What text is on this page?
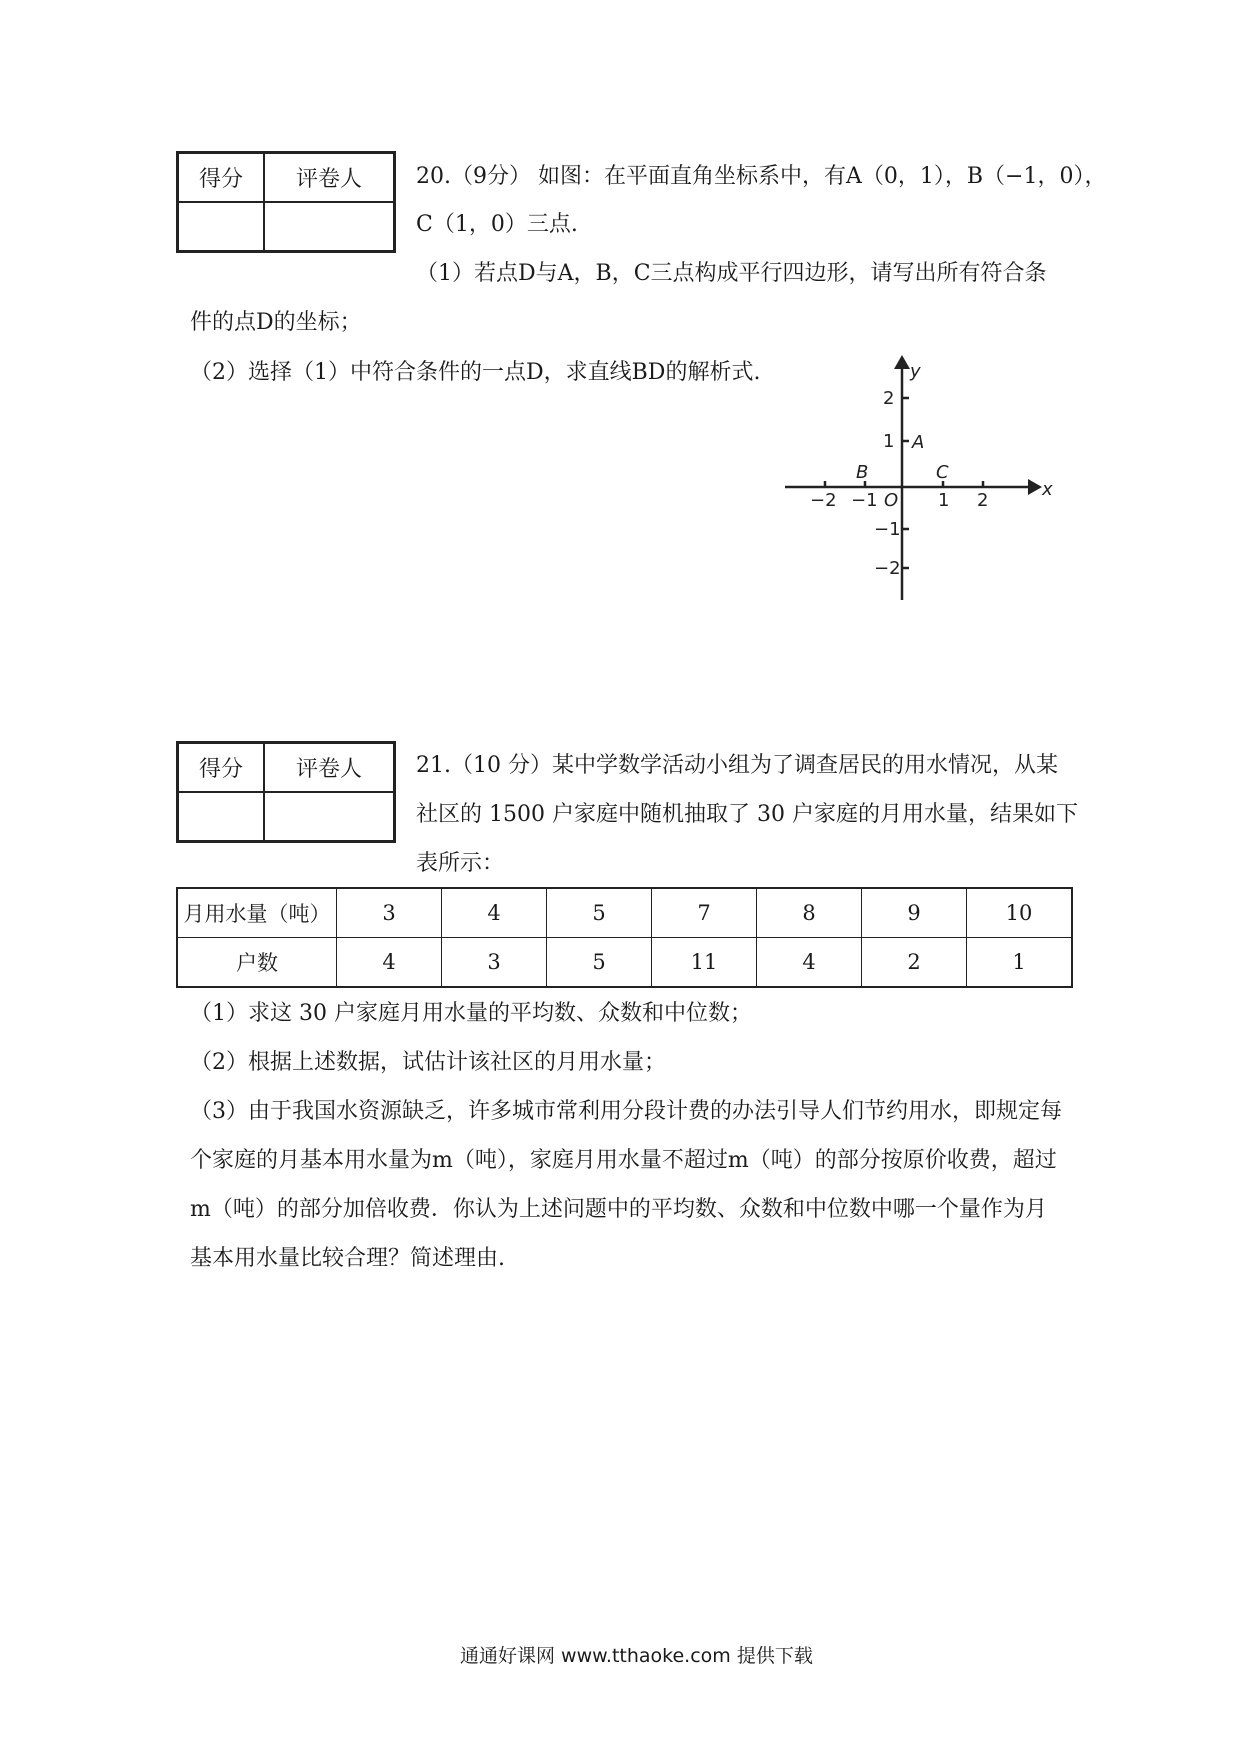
得分	评卷人
	20.（9分） 如图：在平面直角坐标系中，有A（0，1），B（−1，0），
C（1，0）三点.
（1）若点D与A，B，C三点构成平行四边形，请写出所有符合条
件的点D的坐标；
（2）选择（1）中符合条件的一点D，求直线BD的解析式.
−2 −1	1 2
2
1
−1
−2
O
x
y
A
B	C
得分	评卷人
	21.（10 分）某中学数学活动小组为了调查居民的用水情况，从某
社区的 1500 户家庭中随机抽取了 30 户家庭的月用水量，结果如下
表所示：
月用水量（吨）	3	4	5	7	8	9	10
户数	4	3	5	11	4	2	1
（1）求这 30 户家庭月用水量的平均数、众数和中位数；
（2）根据上述数据，试估计该社区的月用水量；
（3）由于我国水资源缺乏，许多城市常利用分段计费的办法引导人们节约用水，即规定每
个家庭的月基本用水量为m（吨），家庭月用水量不超过m（吨）的部分按原价收费，超过
m（吨）的部分加倍收费．你认为上述问题中的平均数、众数和中位数中哪一个量作为月
基本用水量比较合理？简述理由.
通通好课网 www.tthaoke.com 提供下载
